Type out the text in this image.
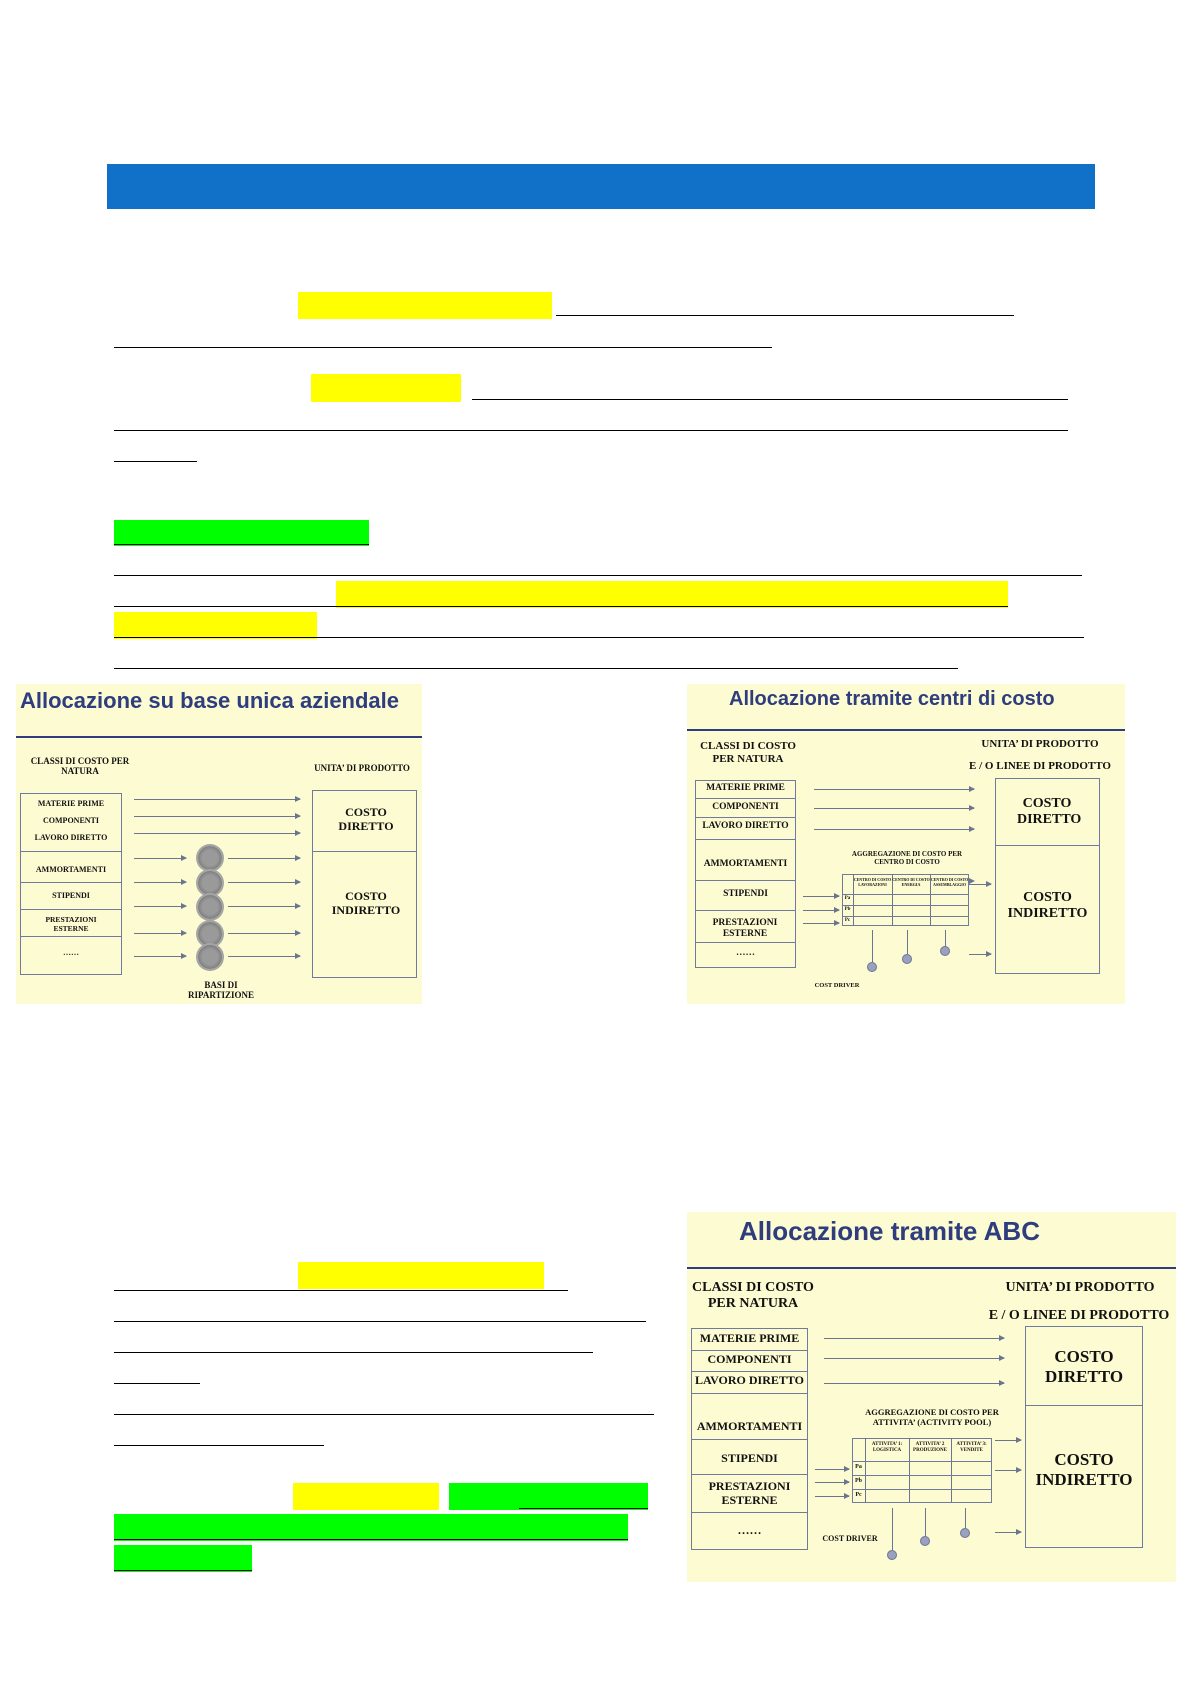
Allocazione su base unica aziendale
CLASSI DI COSTO PER NATURA	UNITA’ DI PRODOTTO
MATERIE PRIME
COMPONENTI
LAVORO DIRETTO
AMMORTAMENTI
STIPENDI
PRESTAZIONI ESTERNE
……
COSTO DIRETTO
COSTO INDIRETTO
BASI DI RIPARTIZIONE
Allocazione tramite centri di costo
CLASSI DI COSTO PER NATURA
UNITA’ DI PRODOTTO
E / O LINEE DI PRODOTTO
MATERIE PRIME
COMPONENTI
LAVORO DIRETTO
AMMORTAMENTI
STIPENDI
PRESTAZIONI ESTERNE
……
AGGREGAZIONE DI COSTO PER CENTRO DI COSTO
CENTRO DI COSTO LAVORAZIONI
CENTRO DI COSTO ENERGIA
CENTRO DI COSTO ASSEMBLAGGIO
Pa
Pb
Pc
COSTO DIRETTO
COSTO INDIRETTO
COST DRIVER
Allocazione tramite ABC
CLASSI DI COSTO PER NATURA
UNITA’ DI PRODOTTO
E / O LINEE DI PRODOTTO
MATERIE PRIME
COMPONENTI
LAVORO DIRETTO
AMMORTAMENTI
STIPENDI
PRESTAZIONI ESTERNE
……
AGGREGAZIONE DI COSTO PER ATTIVITA’ (ACTIVITY POOL)
ATTIVITA’ 1: LOGISTICA
ATTIVITA’ 2 PRODUZIONE
ATTIVITA’ 3: VENDITE
Pa
Pb
Pc
COSTO DIRETTO
COSTO INDIRETTO
COST DRIVER
